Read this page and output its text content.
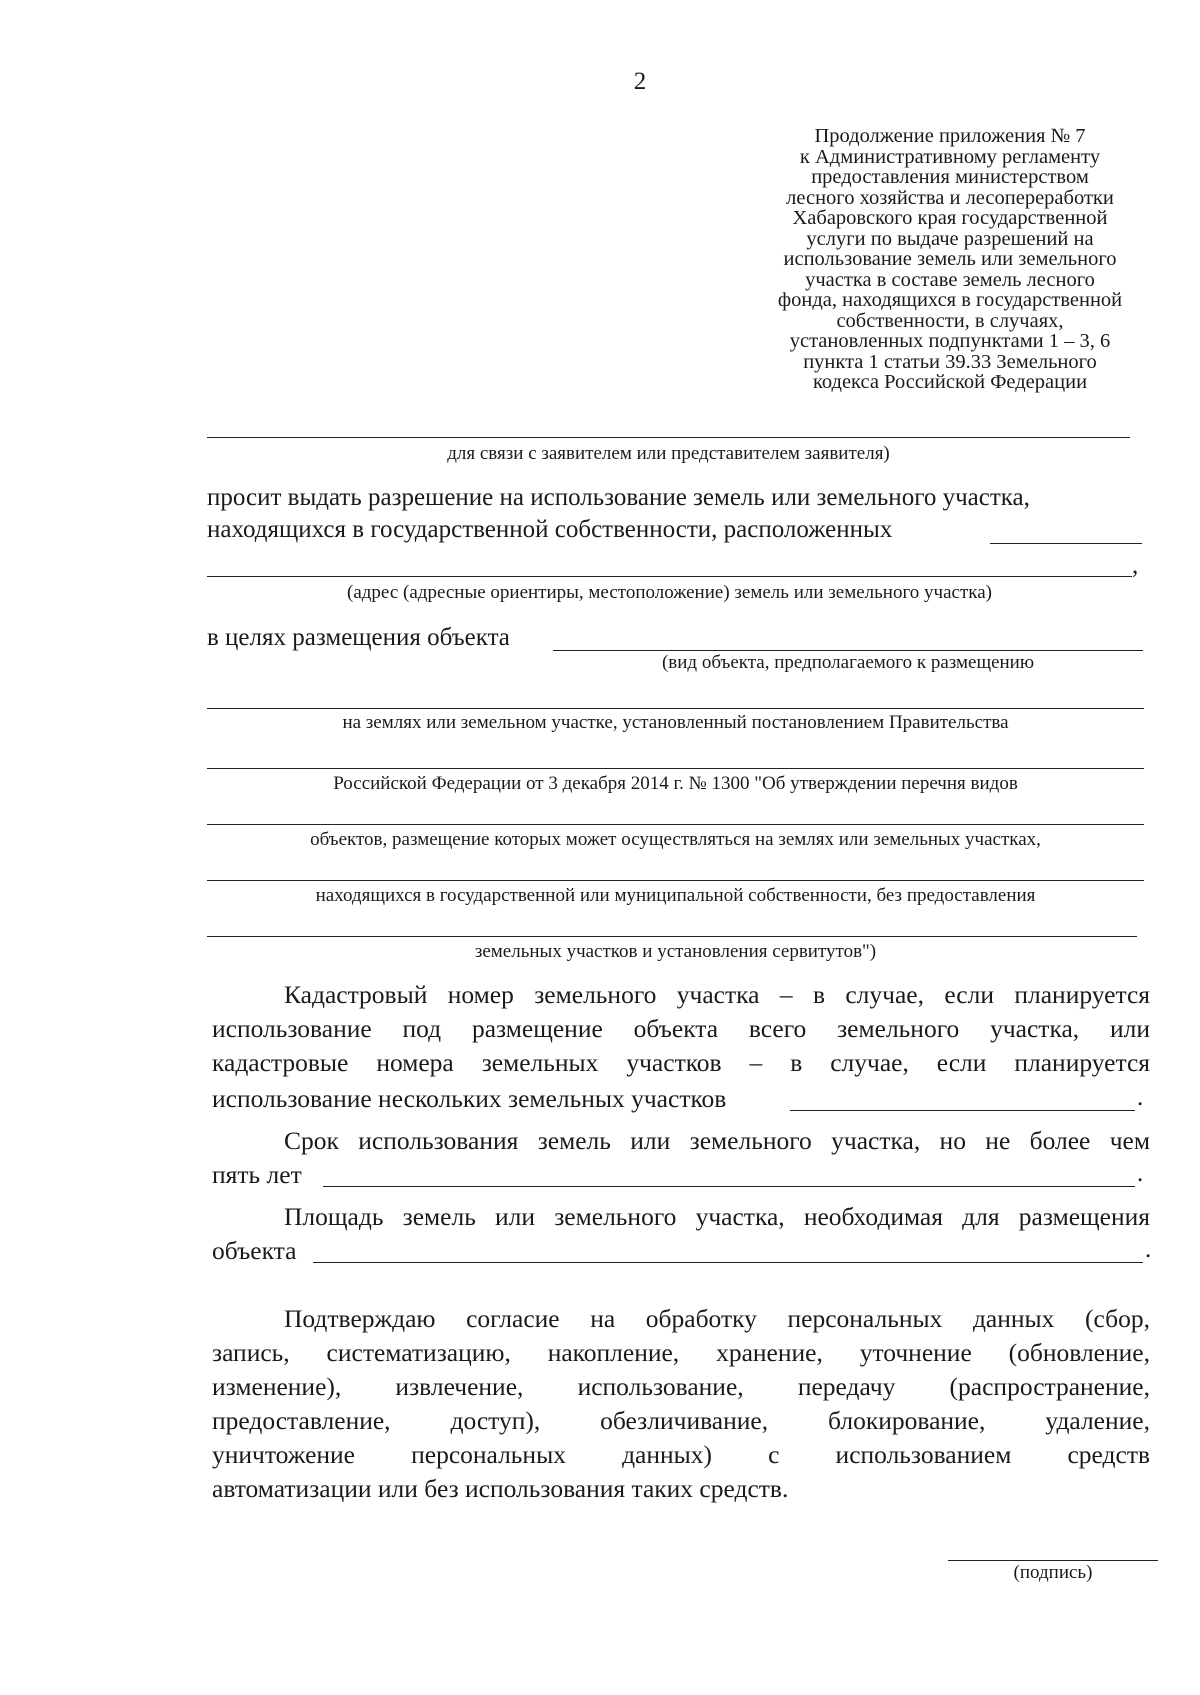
2
Продолжение приложения № 7
к Административному регламенту
предоставления министерством
лесного хозяйства и лесопереработки
Хабаровского края государственной
услуги по выдаче разрешений на
использование земель или земельного
участка в составе земель лесного
фонда, находящихся в государственной
собственности, в случаях,
установленных подпунктами 1 – 3, 6
пункта 1 статьи 39.33 Земельного
кодекса Российской Федерации
для связи с заявителем или представителем заявителя)
просит выдать разрешение на использование земель или земельного участка,
находящихся в государственной собственности, расположенных
,
(адрес (адресные ориентиры, местоположение) земель или земельного участка)
в целях размещения объекта
(вид объекта, предполагаемого к размещению
на землях или земельном участке, установленный постановлением Правительства
Российской Федерации от 3 декабря 2014 г. № 1300 "Об утверждении перечня видов
объектов, размещение которых может осуществляться на землях или земельных участках,
находящихся в государственной или муниципальной собственности, без предоставления
земельных участков и установления сервитутов")
Кадастровый номер земельного участка – в случае, если планируется
использование под размещение объекта всего земельного участка, или
кадастровые номера земельных участков – в случае, если планируется
использование нескольких земельных участков	.
Срок использования земель или земельного участка, но не более чем
пять лет	.
Площадь земель или земельного участка, необходимая для размещения
объекта	.
Подтверждаю согласие на обработку персональных данных (сбор,
запись, систематизацию, накопление, хранение, уточнение (обновление,
изменение), извлечение, использование, передачу (распространение,
предоставление, доступ), обезличивание, блокирование, удаление,
уничтожение персональных данных) с использованием средств
автоматизации или без использования таких средств.
(подпись)
